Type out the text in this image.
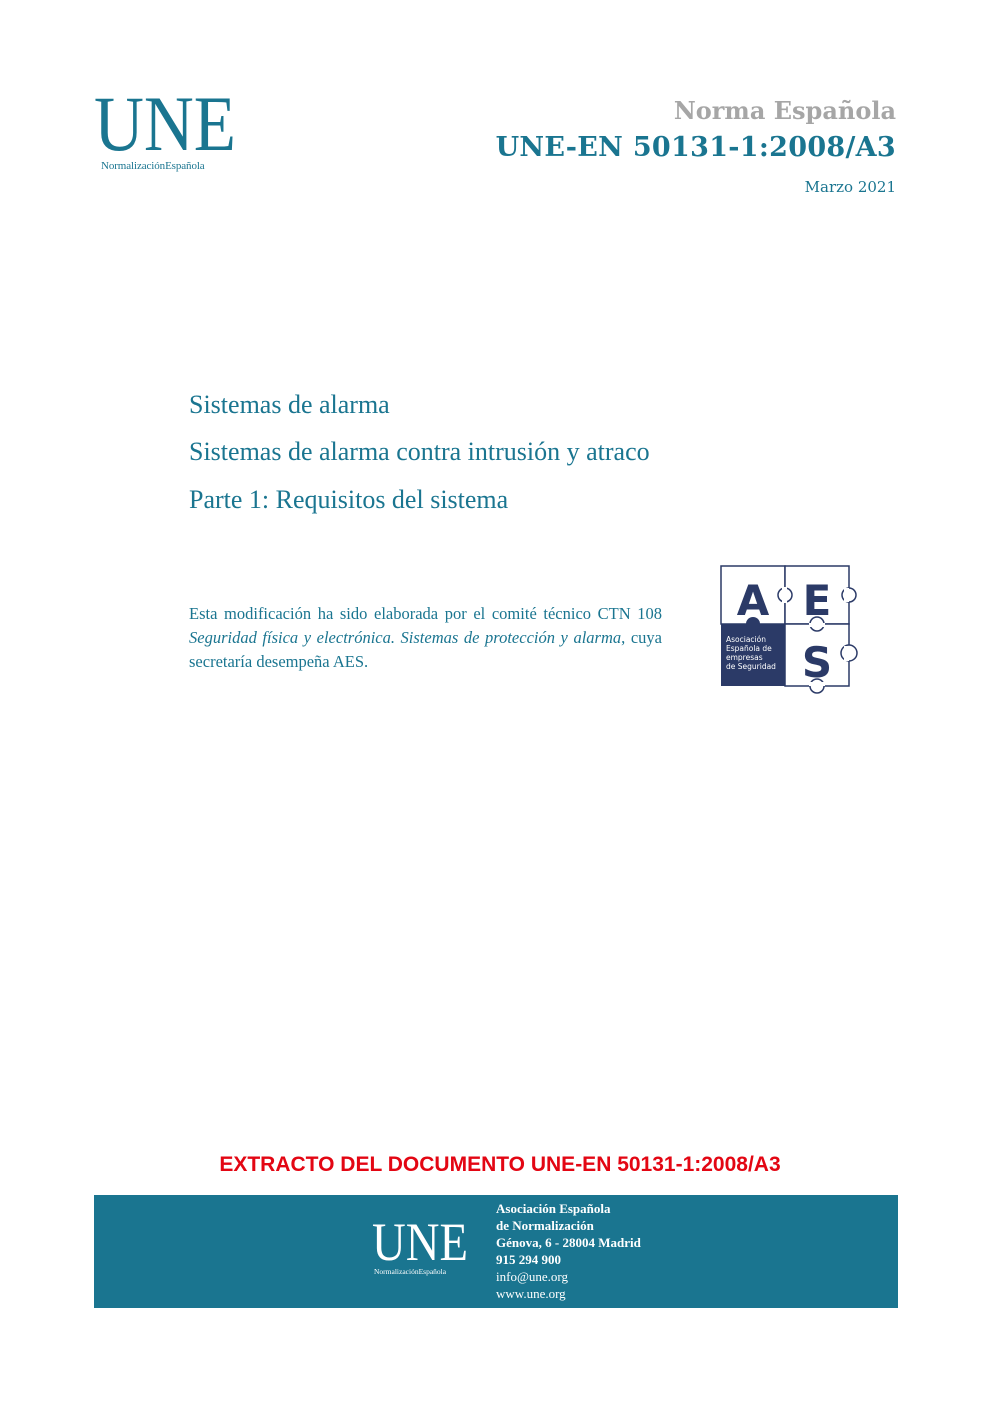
UNE
NormalizaciónEspañola
Norma Española
UNE-EN 50131-1:2008/A3
Marzo 2021
Sistemas de alarma
Sistemas de alarma contra intrusión y atraco
Parte 1: Requisitos del sistema
Esta modificación ha sido elaborada por el comité técnico CTN 108 Seguridad física y electrónica. Sistemas de protección y alarma, cuya secretaría desempeña AES.
A E
S
Asociación
Española de
empresas
de Seguridad
EXTRACTO DEL DOCUMENTO UNE-EN 50131-1:2008/A3
UNE
NormalizaciónEspañola
Asociación Española
de Normalización
Génova, 6 - 28004 Madrid
915 294 900
info@une.org
www.une.org
